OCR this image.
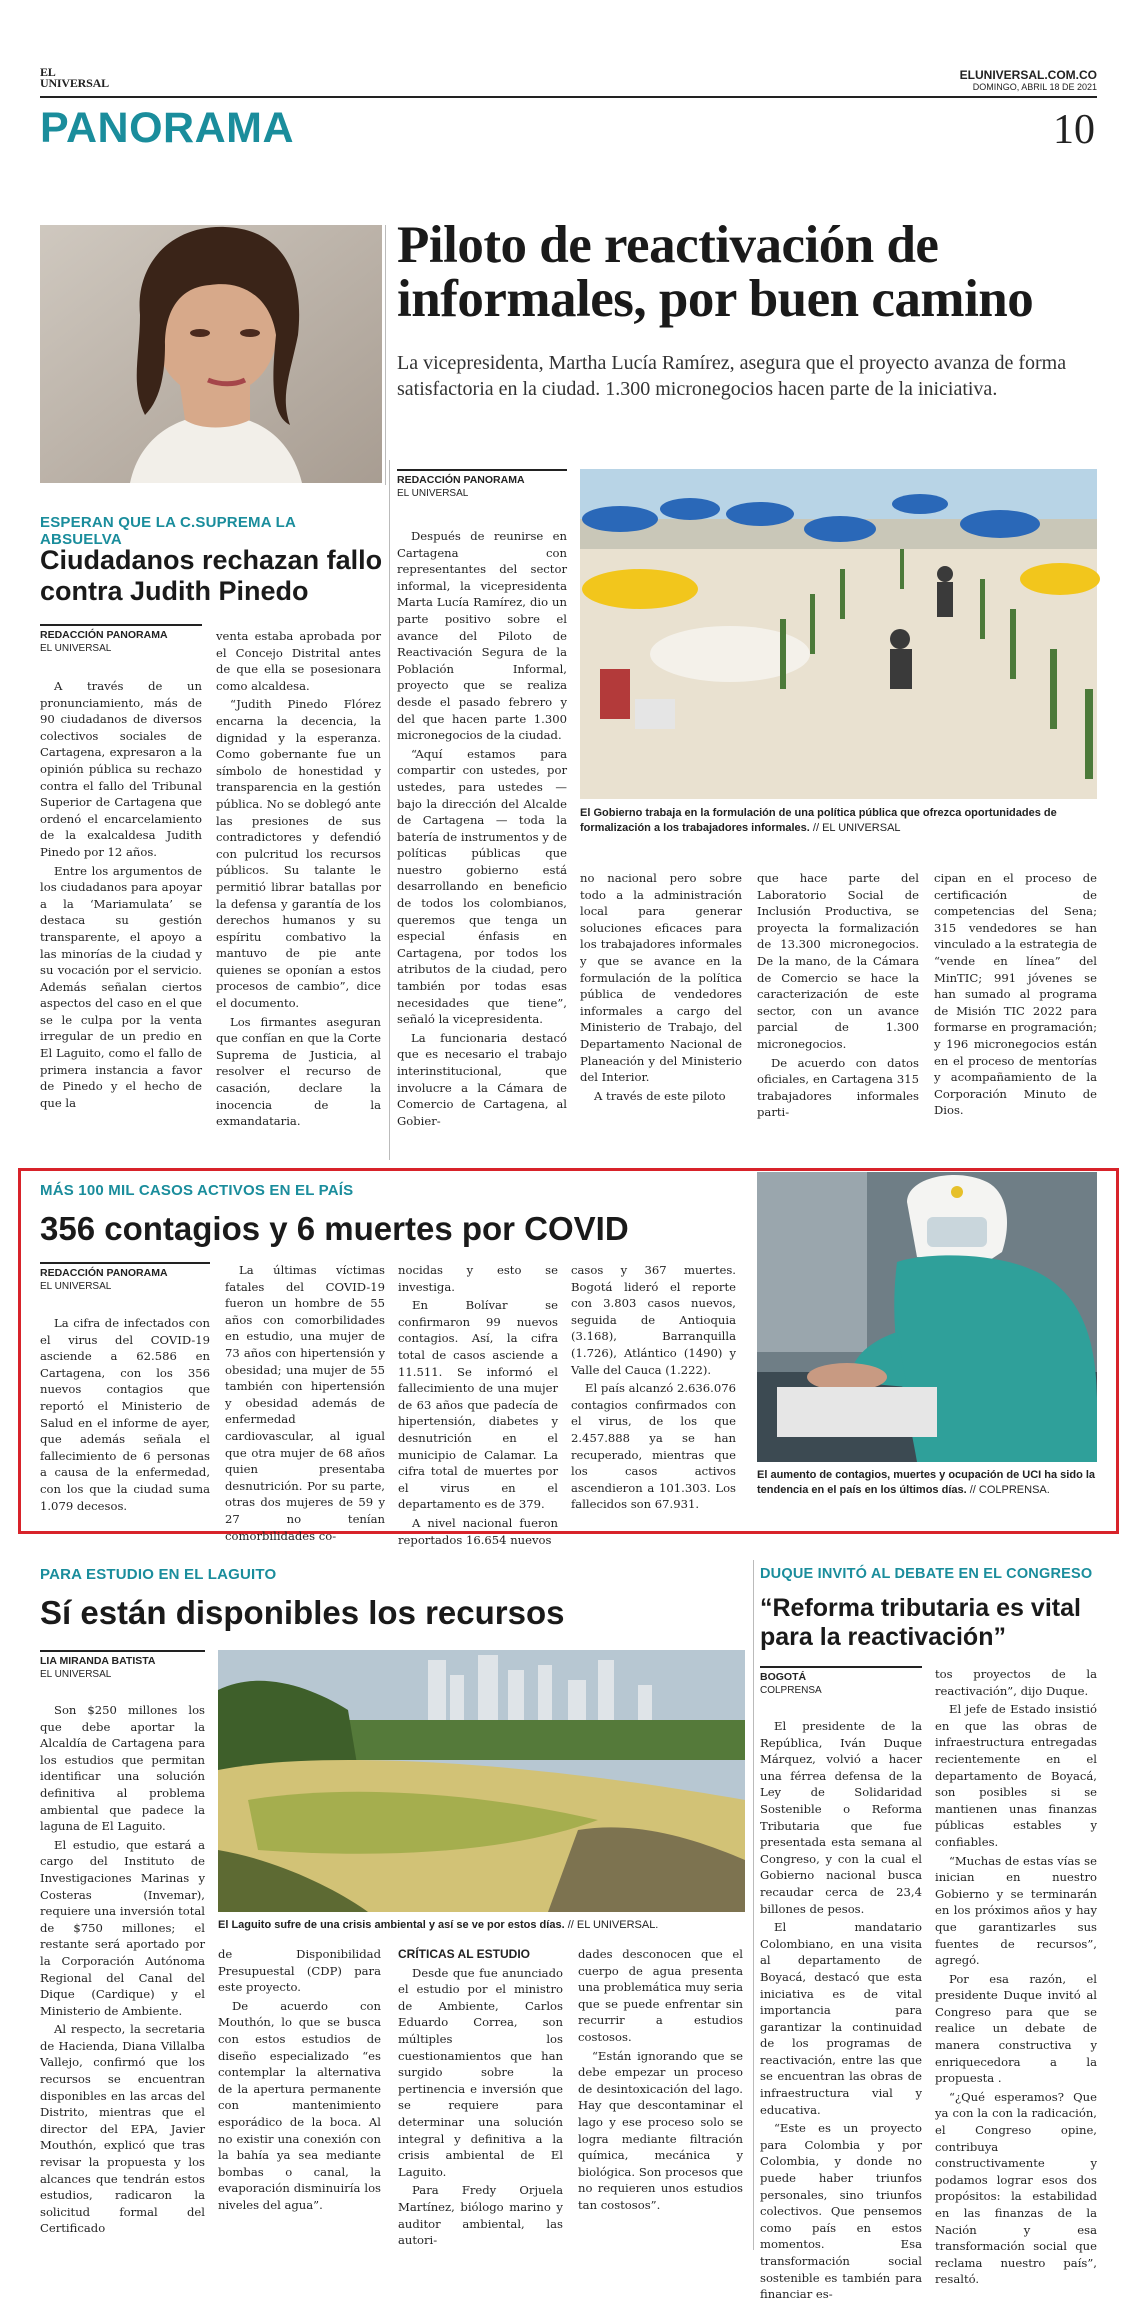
EL UNIVERSAL
ELUNIVERSAL.COM.CO
DOMINGO, ABRIL 18 DE 2021
PANORAMA	10
Piloto de reactivación de informales, por buen camino
La vicepresidenta, Martha Lucía Ramírez, asegura que el proyecto avanza de forma satisfactoria en la ciudad. 1.300 micronegocios hacen parte de la iniciativa.
REDACCIÓN PANORAMA
EL UNIVERSAL

Después de reunirse en Cartagena con representantes del sector informal, la vicepresidenta Marta Lucía Ramírez, dio un parte positivo sobre el avance del Piloto de Reactivación Segura de la Población Informal, proyecto que se realiza desde el pasado febrero y del que hacen parte 1.300 micronegocios de la ciudad.

“Aquí estamos para compartir con ustedes, por ustedes, para ustedes — bajo la dirección del Alcalde de Cartagena — toda la batería de instrumentos y de políticas públicas que nuestro gobierno está desarrollando en beneficio de todos los colombianos, queremos que tenga un especial énfasis en Cartagena, por todos los atributos de la ciudad, pero también por todas esas necesidades que tiene”, señaló la vicepresidenta.

La funcionaria destacó que es necesario el trabajo interinstitucional, que involucre a la Cámara de Comercio de Cartagena, al Gobier-

El Gobierno trabaja en la formulación de una política pública que ofrezca oportunidades de formalización a los trabajadores informales. // EL UNIVERSAL

no nacional pero sobre todo a la administración local para generar soluciones eficaces para los trabajadores informales y que se avance en la formulación de la política pública de vendedores informales a cargo del Ministerio de Trabajo, del Departamento Nacional de Planeación y del Ministerio del Interior.

A través de este piloto

que hace parte del Laboratorio Social de Inclusión Productiva, se proyecta la formalización de 13.300 micronegocios. De la mano, de la Cámara de Comercio se hace la caracterización de este sector, con un avance parcial de 1.300 micronegocios.

De acuerdo con datos oficiales, en Cartagena 315 trabajadores informales parti-

cipan en el proceso de certificación de competencias del Sena; 315 vendedores se han vinculado a la estrategia de “vende en línea” del MinTIC; 991 jóvenes se han sumado al programa de Misión TIC 2022 para formarse en programación; y 196 micronegocios están en el proceso de mentorías y acompañamiento de la Corporación Minuto de Dios.

ESPERAN QUE LA C.SUPREMA LA ABSUELVA
Ciudadanos rechazan fallo contra Judith Pinedo
REDACCIÓN PANORAMA
EL UNIVERSAL

A través de un pronunciamiento, más de 90 ciudadanos de diversos colectivos sociales de Cartagena, expresaron a la opinión pública su rechazo contra el fallo del Tribunal Superior de Cartagena que ordenó el encarcelamiento de la exalcaldesa Judith Pinedo por 12 años.

Entre los argumentos de los ciudadanos para apoyar a la ‘Mariamulata’ se destaca su gestión transparente, el apoyo a las minorías de la ciudad y su vocación por el servicio. Además señalan ciertos aspectos del caso en el que se le culpa por la venta irregular de un predio en El Laguito, como el fallo de primera instancia a favor de Pinedo y el hecho de que la

venta estaba aprobada por el Concejo Distrital antes de que ella se posesionara como alcaldesa.

“Judith Pinedo Flórez encarna la decencia, la dignidad y la esperanza. Como gobernante fue un símbolo de honestidad y transparencia en la gestión pública. No se doblegó ante las presiones de sus contradictores y defendió con pulcritud los recursos públicos. Su talante le permitió librar batallas por la defensa y garantía de los derechos humanos y su espíritu combativo la mantuvo de pie ante quienes se oponían a estos procesos de cambio”, dice el documento.

Los firmantes aseguran que confían en que la Corte Suprema de Justicia, al resolver el recurso de casación, declare la inocencia de la exmandataria.

MÁS 100 MIL CASOS ACTIVOS EN EL PAÍS
356 contagios y 6 muertes por COVID
REDACCIÓN PANORAMA
EL UNIVERSAL

La cifra de infectados con el virus del COVID-19 asciende a 62.586 en Cartagena, con los 356 nuevos contagios que reportó el Ministerio de Salud en el informe de ayer, que además señala el fallecimiento de 6 personas a causa de la enfermedad, con los que la ciudad suma 1.079 decesos.

La últimas víctimas fatales del COVID-19 fueron un hombre de 55 años con comorbilidades en estudio, una mujer de 73 años con hipertensión y obesidad; una mujer de 55 también con hipertensión y obesidad además de enfermedad cardiovascular, al igual que otra mujer de 68 años quien presentaba desnutrición. Por su parte, otras dos mujeres de 59 y 27 no tenían comorbilidades co-

nocidas y esto se investiga.

En Bolívar se confirmaron 99 nuevos contagios. Así, la cifra total de casos asciende a 11.511. Se informó el fallecimiento de una mujer de 63 años que padecía de hipertensión, diabetes y desnutrición en el municipio de Calamar. La cifra total de muertes por el virus en el departamento es de 379.

A nivel nacional fueron reportados 16.654 nuevos

casos y 367 muertes. Bogotá lideró el reporte con 3.803 casos nuevos, seguida de Antioquia (3.168), Barranquilla (1.726), Atlántico (1490) y Valle del Cauca (1.222).

El país alcanzó 2.636.076 contagios confirmados con el virus, de los que 2.457.888 ya se han recuperado, mientras que los casos activos ascendieron a 101.303. Los fallecidos son 67.931.

El aumento de contagios, muertes y ocupación de UCI ha sido la tendencia en el país en los últimos días. // COLPRENSA.
PARA ESTUDIO EN EL LAGUITO
Sí están disponibles los recursos
LIA MIRANDA BATISTA
EL UNIVERSAL

Son $250 millones los que debe aportar la Alcaldía de Cartagena para los estudios que permitan identificar una solución definitiva al problema ambiental que padece la laguna de El Laguito.

El estudio, que estará a cargo del Instituto de Investigaciones Marinas y Costeras (Invemar), requiere una inversión total de $750 millones; el restante será aportado por la Corporación Autónoma Regional del Canal del Dique (Cardique) y el Ministerio de Ambiente.

Al respecto, la secretaria de Hacienda, Diana Villalba Vallejo, confirmó que los recursos se encuentran disponibles en las arcas del Distrito, mientras que el director del EPA, Javier Mouthón, explicó que tras revisar la propuesta y los alcances que tendrán estos estudios, radicaron la solicitud formal del Certificado

El Laguito sufre de una crisis ambiental y así se ve por estos días. // EL UNIVERSAL.

de Disponibilidad Presupuestal (CDP) para este proyecto.

De acuerdo con Mouthón, lo que se busca con estos estudios de diseño especializado “es contemplar la alternativa de la apertura permanente con mantenimiento esporádico de la boca. Al no existir una conexión con la bahía ya sea mediante bombas o canal, la evaporación disminuiría los niveles del agua”.

CRÍTICAS AL ESTUDIO

Desde que fue anunciado el estudio por el ministro de Ambiente, Carlos Eduardo Correa, son múltiples los cuestionamientos que han surgido sobre la pertinencia e inversión que se requiere para determinar una solución integral y definitiva a la crisis ambiental de El Laguito.

Para Fredy Orjuela Martínez, biólogo marino y auditor ambiental, las autori-

dades desconocen que el cuerpo de agua presenta una problemática muy seria que se puede enfrentar sin recurrir a estudios costosos.

“Están ignorando que se debe empezar un proceso de desintoxicación del lago. Hay que descontaminar el lago y ese proceso solo se logra mediante filtración química, mecánica y biológica. Son procesos que no requieren unos estudios tan costosos”.

DUQUE INVITÓ AL DEBATE EN EL CONGRESO
“Reforma tributaria es vital para la reactivación”
BOGOTÁ
COLPRENSA

El presidente de la República, Iván Duque Márquez, volvió a hacer una férrea defensa de la Ley de Solidaridad Sostenible o Reforma Tributaria que fue presentada esta semana al Congreso, y con la cual el Gobierno nacional busca recaudar cerca de 23,4 billones de pesos.

El mandatario Colombiano, en una visita al departamento de Boyacá, destacó que esta iniciativa es de vital importancia para garantizar la continuidad de los programas de reactivación, entre las que se encuentran las obras de infraestructura vial y educativa.

“Este es un proyecto para Colombia y por Colombia, y donde no puede haber triunfos personales, sino triunfos colectivos. Que pensemos como país en estos momentos. Esa transformación social sostenible es también para financiar es-

tos proyectos de la reactivación”, dijo Duque.

El jefe de Estado insistió en que las obras de infraestructura entregadas recientemente en el departamento de Boyacá, son posibles si se mantienen unas finanzas públicas estables y confiables.

“Muchas de estas vías se inician en nuestro Gobierno y se terminarán en los próximos años y hay que garantizarles sus fuentes de recursos”, agregó.

Por esa razón, el presidente Duque invitó al Congreso para que se realice un debate de manera constructiva y enriquecedora a la propuesta .

“¿Qué esperamos? Que ya con la con la radicación, el Congreso opine, contribuya constructivamente y podamos lograr esos dos propósitos: la estabilidad en las finanzas de la Nación y esa transformación social que reclama nuestro país”, resaltó.
